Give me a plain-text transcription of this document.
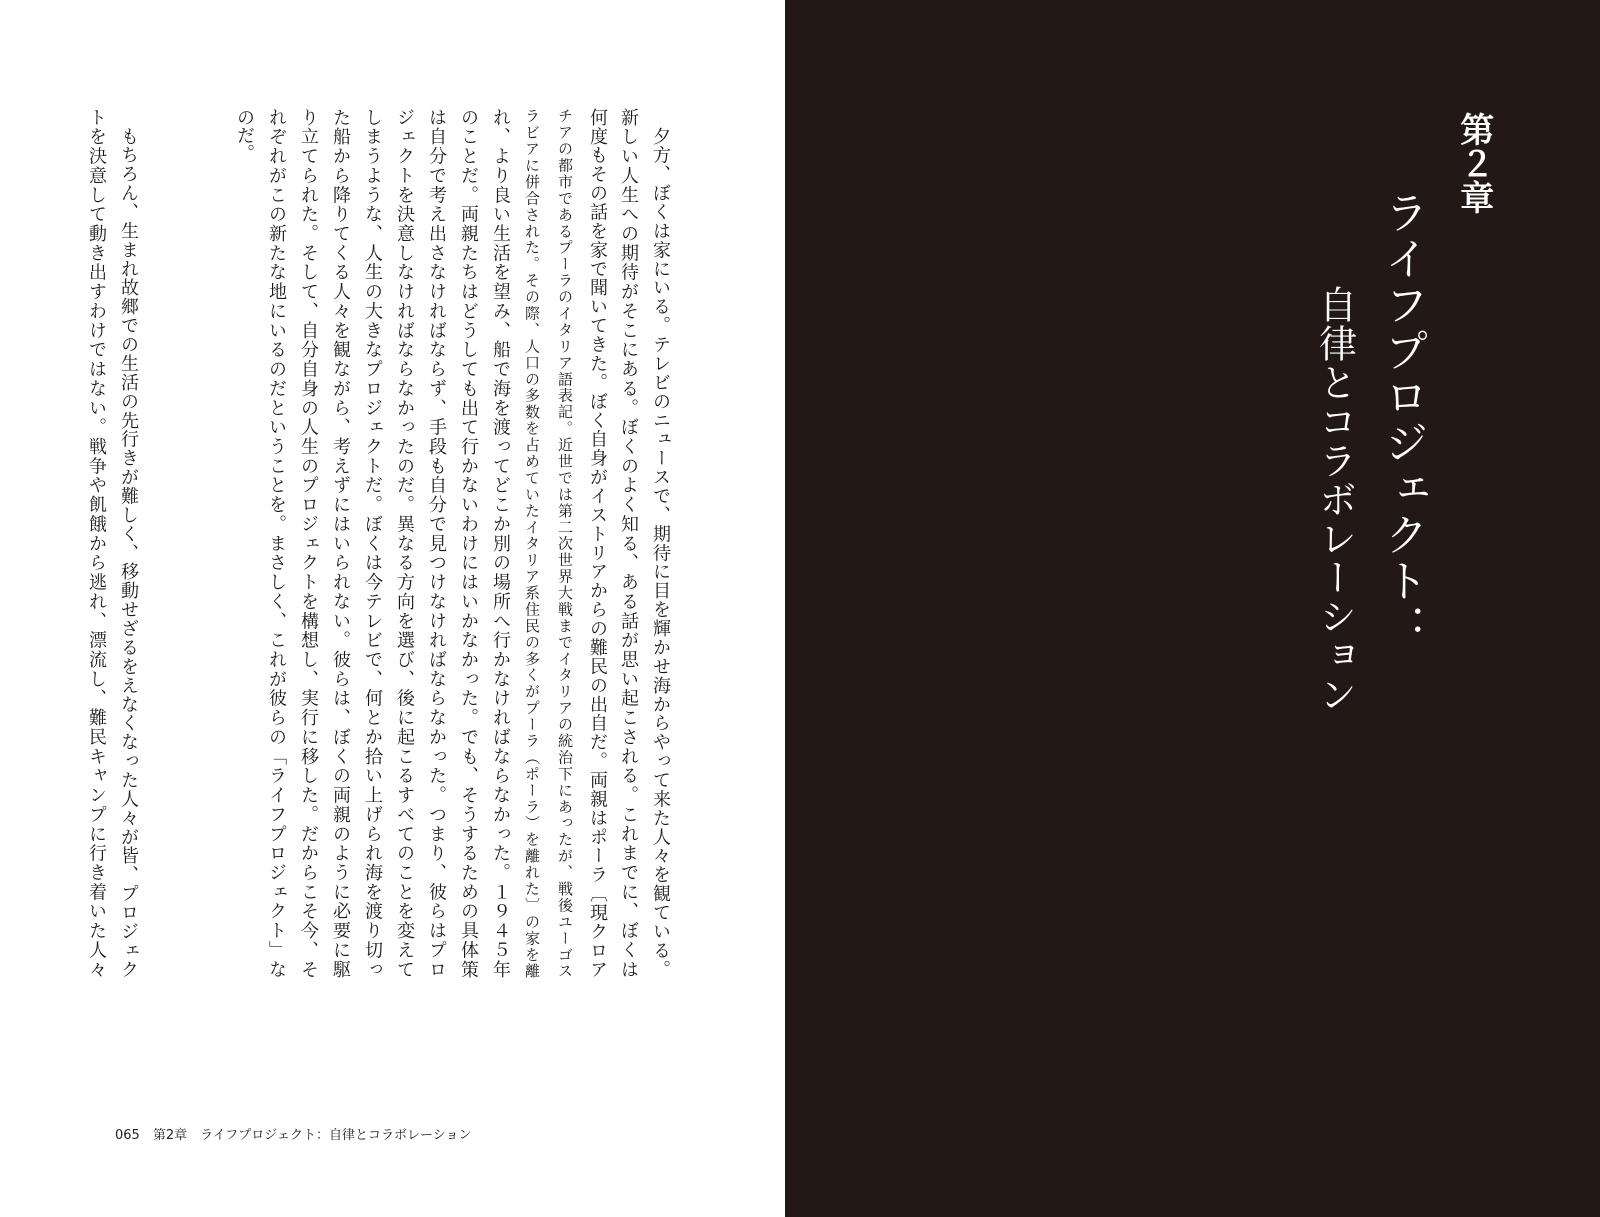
　夕方、ぼくは家にいる。テレビのニュースで、期待に目を輝かせ海からやって来た人々を観ている。
新しい人生への期待がそこにある。ぼくのよく知る、ある話が思い起こされる。これまでに、ぼくは
何度もその話を家で聞いてきた。ぼく自身がイストリアからの難民の出自だ。両親はポーラ〔現クロア
チアの都市であるプーラのイタリア語表記。近世では第二次世界大戦までイタリアの統治下にあったが、戦後ユーゴス
ラビアに併合された。その際、人口の多数を占めていたイタリア系住民の多くがプーラ（ポーラ）を離れた〕の家を離
れ、より良い生活を望み、船で海を渡ってどこか別の場所へ行かなければならなかった。１９４５年
のことだ。両親たちはどうしても出て行かないわけにはいかなかった。でも、そうするための具体策
は自分で考え出さなければならず、手段も自分で見つけなければならなかった。つまり、彼らはプロ
ジェクトを決意しなければならなかったのだ。異なる方向を選び、後に起こるすべてのことを変えて
しまうような、人生の大きなプロジェクトだ。ぼくは今テレビで、何とか拾い上げられ海を渡り切っ
た船から降りてくる人々を観ながら、考えずにはいられない。彼らは、ぼくの両親のように必要に駆
り立てられた。そして、自分自身の人生のプロジェクトを構想し、実行に移した。だからこそ今、そ
れぞれがこの新たな地にいるのだということを。まさしく、これが彼らの「ライフプロジェクト」な
のだ。
　もちろん、生まれ故郷での生活の先行きが難しく、移動せざるをえなくなった人々が皆、プロジェク
トを決意して動き出すわけではない。戦争や飢餓から逃れ、漂流し、難民キャンプに行き着いた人々
065　第2章　ライフプロジェクト：自律とコラボレーション
第２章
ライフプロジェクト：
自律とコラボレーション
